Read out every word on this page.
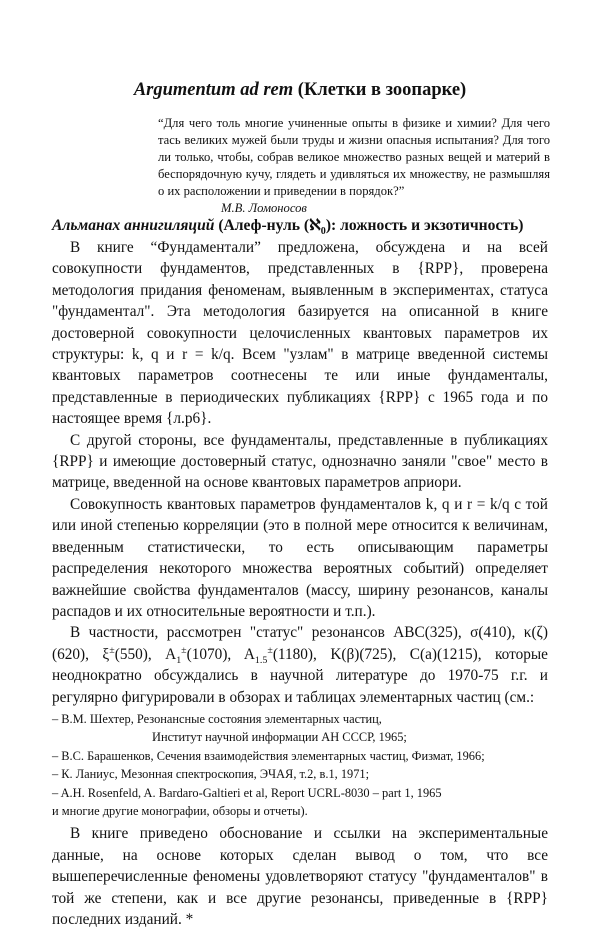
Argumentum ad rem (Клетки в зоопарке)

“Для чего толь многие учиненные опыты в физике и химии? Для чего тась великих мужей были труды и жизни опасныя испытания? Для того ли только, чтобы, собрав великое множество разных вещей и материй в беспорядочную кучу, глядеть и удивляться их множеству, не размышляя о их расположении и приведении в порядок?”

М.В. Ломоносов

Альманах аннигиляций (Алеф-нуль (ℵ$_0$): ложность и экзотичность)

В книге “Фундаментали” предложена, обсуждена и на всей совокупности фундаментов, представленных в {RPP}, проверена методология придания феноменам, выявленным в экспериментах, статуса "фундаментал". Эта методология базируется на описанной в книге достоверной совокупности целочисленных квантовых параметров их структуры: k, q и r = k/q. Всем "узлам" в матрице введенной системы квантовых параметров соотнесены те или иные фундаменталы, представленные в периодических публикациях {RPP} с 1965 года и по настоящее время {л.р6}.

С другой стороны, все фундаменталы, представленные в публикациях {RPP} и имеющие достоверный статус, однозначно заняли "свое" место в матрице, введенной на основе квантовых параметров априори.

Совокупность квантовых параметров фундаменталов k, q и r = k/q с той или иной степенью корреляции (это в полной мере относится к величинам, введенным статистически, то есть описывающим параметры распределения некоторого множества вероятных событий) определяет важнейшие свойства фундаменталов (массу, ширину резонансов, каналы распадов и их относительные вероятности и т.п.).

В частности, рассмотрен "статус" резонансов ABC(325), σ(410), κ(ζ)(620), ξ±(550), $A_1^\pm(1070)$, $A_{1.5}^\pm(1180)$, K(β)(725), C(a)(1215), которые неоднократно обсуждались в научной литературе до 1970-75 г.г. и регулярно фигурировали в обзорах и таблицах элементарных частиц (см.:

– В.М. Шехтер, Резонансные состояния элементарных частиц,
Институт научной информации АН СССР, 1965;
– В.С. Барашенков, Сечения взаимодействия элементарных частиц, Физмат, 1966;
– К. Ланиус, Мезонная спектроскопия, ЭЧАЯ, т.2, в.1, 1971;
– A.H. Rosenfeld, A. Bardaro-Galtieri et al, Report UCRL-8030 – part 1, 1965
и многие другие монографии, обзоры и отчеты).

В книге приведено обоснование и ссылки на экспериментальные данные, на основе которых сделан вывод о том, что все вышеперечисленные феномены удовлетворяют статусу "фундаменталов" в той же степени, как и все другие резонансы, приведенные в {RPP} последних изданий. *
